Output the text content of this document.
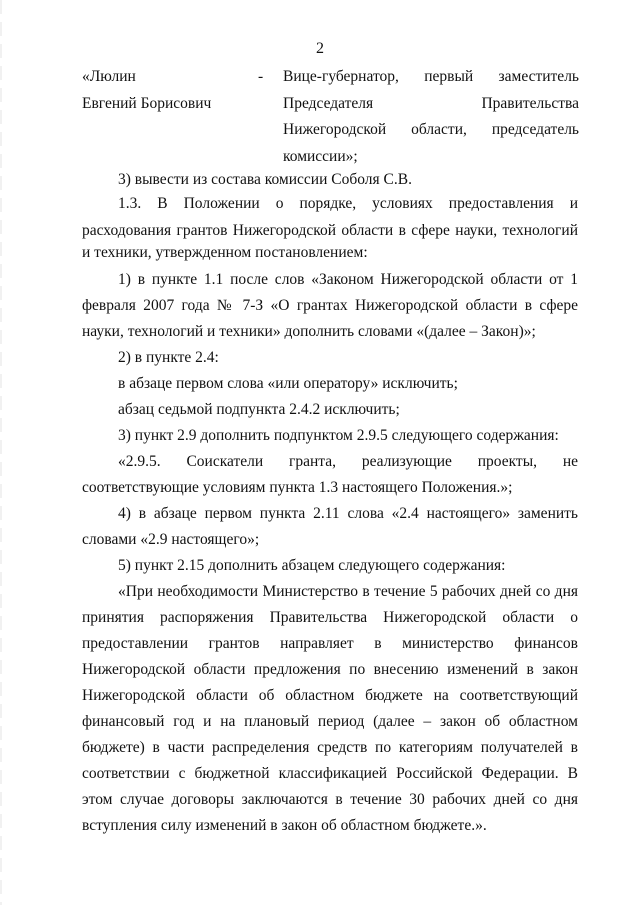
2
«Люлин	- Вице-губернатор, первый заместитель
Евгений Борисович	Председателя Правительства
Нижегородской области, председатель
комиссии»;
3) вывести из состава комиссии Соболя С.В.
1.3. В Положении о порядке, условиях предоставления и
расходования грантов Нижегородской области в сфере науки, технологий
и техники, утвержденном постановлением:
1) в пункте 1.1 после слов «Законом Нижегородской области от 1
февраля 2007 года № 7-З «О грантах Нижегородской области в сфере
науки, технологий и техники» дополнить словами «(далее – Закон)»;
2) в пункте 2.4:
в абзаце первом слова «или оператору» исключить;
абзац седьмой подпункта 2.4.2 исключить;
3) пункт 2.9 дополнить подпунктом 2.9.5 следующего содержания:
«2.9.5. Соискатели гранта, реализующие проекты, не
соответствующие условиям пункта 1.3 настоящего Положения.»;
4) в абзаце первом пункта 2.11 слова «2.4 настоящего» заменить
словами «2.9 настоящего»;
5) пункт 2.15 дополнить абзацем следующего содержания:
«При необходимости Министерство в течение 5 рабочих дней со дня
принятия распоряжения Правительства Нижегородской области о
предоставлении грантов направляет в министерство финансов
Нижегородской области предложения по внесению изменений в закон
Нижегородской области об областном бюджете на соответствующий
финансовый год и на плановый период (далее – закон об областном
бюджете) в части распределения средств по категориям получателей в
соответствии с бюджетной классификацией Российской Федерации. В
этом случае договоры заключаются в течение 30 рабочих дней со дня
вступления силу изменений в закон об областном бюджете.».
